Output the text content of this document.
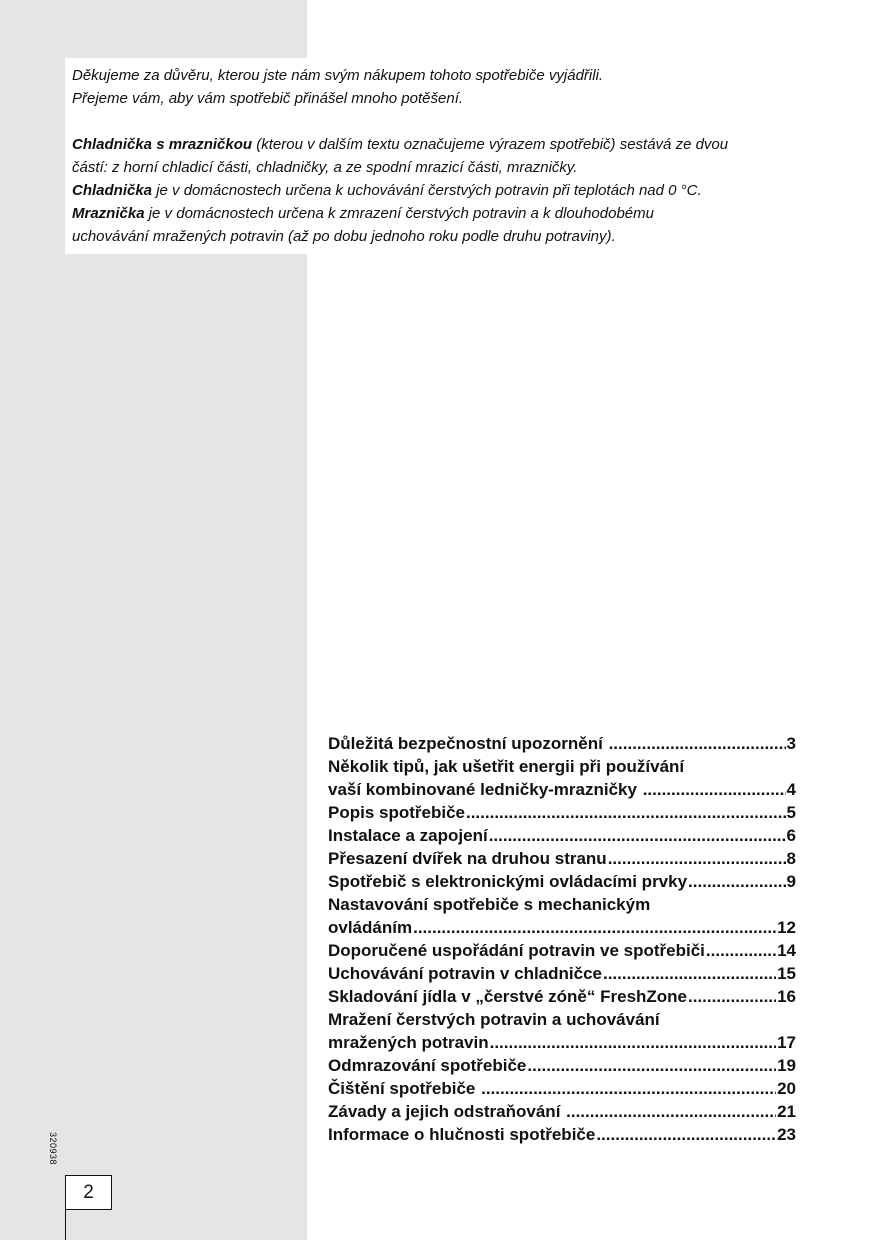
Děkujeme za důvěru, kterou jste nám svým nákupem tohoto spotřebiče vyjádřili.

Přejeme vám, aby vám spotřebič přinášel mnoho potěšení.

Chladnička s mrazničkou (kterou v dalším textu označujeme výrazem spotřebič) sestává ze dvou

částí: z horní chladicí části, chladničky, a ze spodní mrazicí části, mrazničky.

Chladnička je v domácnostech určena k uchovávání čerstvých potravin při teplotách nad 0 °C.

Mraznička je v domácnostech určena k zmrazení čerstvých potravin a k dlouhodobému

uchovávání mražených potravin (až po dobu jednoho roku podle druhu potraviny).

Důležitá bezpečnostní upozornění .....	3
Několik tipů, jak ušetřit energii při používání
vaší kombinované ledničky-mrazničky .....	4
Popis spotřebiče .....	5
Instalace a zapojení .....	6
Přesazení dvířek na druhou stranu .....	8
Spotřebič s elektronickými ovládacími prvky .....	9
Nastavování spotřebiče s mechanickým
ovládáním .....	12
Doporučené uspořádání potravin ve spotřebiči .....	14
Uchovávání potravin v chladničce .....	15
Skladování jídla v „čerstvé zóně“ FreshZone .....	16
Mražení čerstvých potravin a uchovávání
mražených potravin .....	17
Odmrazování spotřebiče .....	19
Čištění spotřebiče .....	20
Závady a jejich odstraňování .....	21
Informace o hlučnosti spotřebiče .....	23
320938
2
